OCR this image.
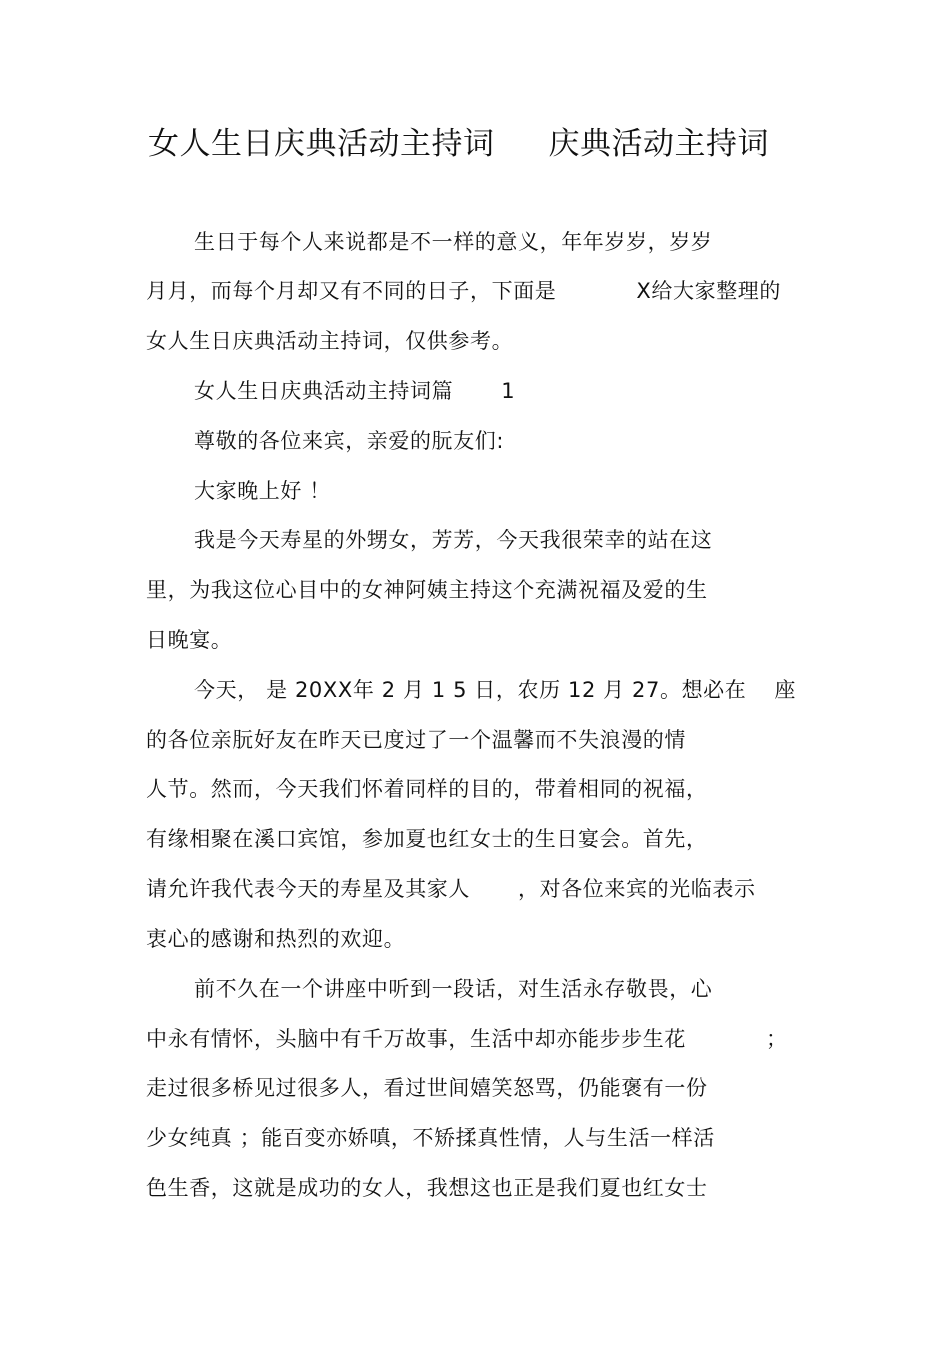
女人生日庆典活动主持词 庆典活动主持词
生日于每个人来说都是不一样的意义，年年岁岁，岁岁
月月，而每个月却又有不同的日子，下面是	X给大家整理的
女人生日庆典活动主持词，仅供参考。
女人生日庆典活动主持词篇 1
尊敬的各位来宾，亲爱的朊友们:
大家晚上好 ！
我是今天寿星的外甥女，芳芳，今天我很荣幸的站在这
里，为我这位心目中的女神阿姨主持这个充满祝福及爱的生
日晚宴。
今天， 是 20XX年 2 月 1 5 日，农历 12 月 27。想必在 座
的各位亲朊好友在昨天已度过了一个温馨而不失浪漫的情
人节。然而，今天我们怀着同样的目的，带着相同的祝福，
有缘相聚在溪口宾馆，参加夏也红女士的生日宴会。首先，
请允许我代表今天的寿星及其家人 ，对各位来宾的光临表示
衷心的感谢和热烈的欢迎。
前不久在一个讲座中听到一段话，对生活永存敬畏，心
中永有情怀，头脑中有千万故事，生活中却亦能步步生花	；
走过很多桥见过很多人，看过世间嬉笑怒骂，仍能褒有一份
少女纯真 ；能百变亦娇嗔，不矫揉真性情，人与生活一样活
色生香，这就是成功的女人，我想这也正是我们夏也红女士
